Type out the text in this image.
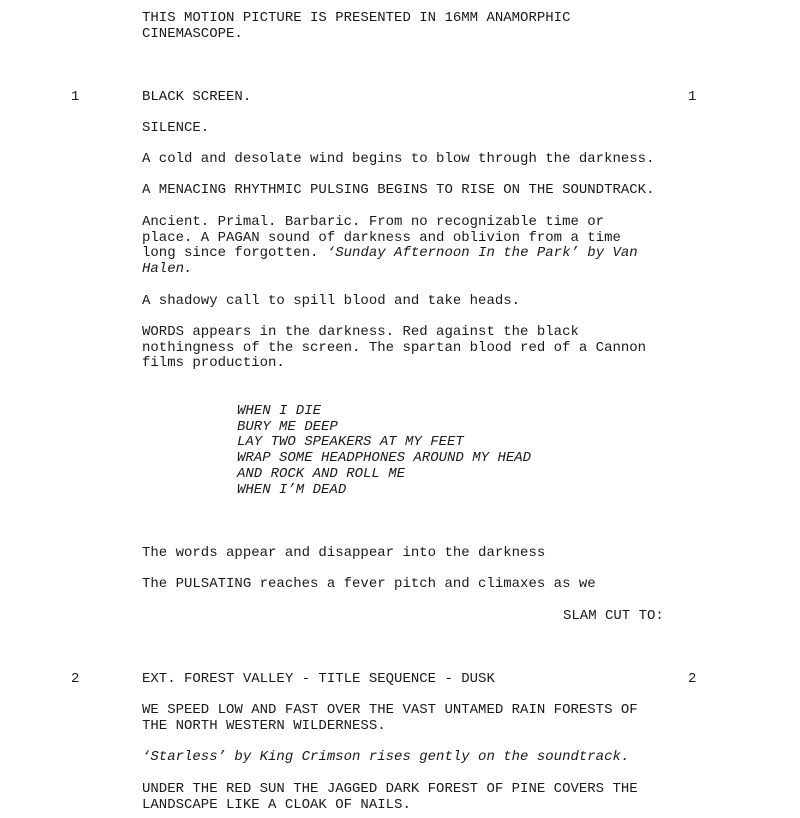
THIS MOTION PICTURE IS PRESENTED IN 16MM ANAMORPHIC
CINEMASCOPE.
1	BLACK SCREEN.	1
SILENCE.
A cold and desolate wind begins to blow through the darkness.
A MENACING RHYTHMIC PULSING BEGINS TO RISE ON THE SOUNDTRACK.
Ancient. Primal. Barbaric. From no recognizable time or
place. A PAGAN sound of darkness and oblivion from a time
long since forgotten. ‘Sunday Afternoon In the Park’ by Van
Halen.
A shadowy call to spill blood and take heads.
WORDS appears in the darkness. Red against the black
nothingness of the screen. The spartan blood red of a Cannon
films production.
WHEN I DIE
BURY ME DEEP
LAY TWO SPEAKERS AT MY FEET
WRAP SOME HEADPHONES AROUND MY HEAD
AND ROCK AND ROLL ME
WHEN I’M DEAD
The words appear and disappear into the darkness
The PULSATING reaches a fever pitch and climaxes as we
SLAM CUT TO:
2	EXT. FOREST VALLEY - TITLE SEQUENCE - DUSK	2
WE SPEED LOW AND FAST OVER THE VAST UNTAMED RAIN FORESTS OF
THE NORTH WESTERN WILDERNESS.
‘Starless’ by King Crimson rises gently on the soundtrack.
UNDER THE RED SUN THE JAGGED DARK FOREST OF PINE COVERS THE
LANDSCAPE LIKE A CLOAK OF NAILS.
